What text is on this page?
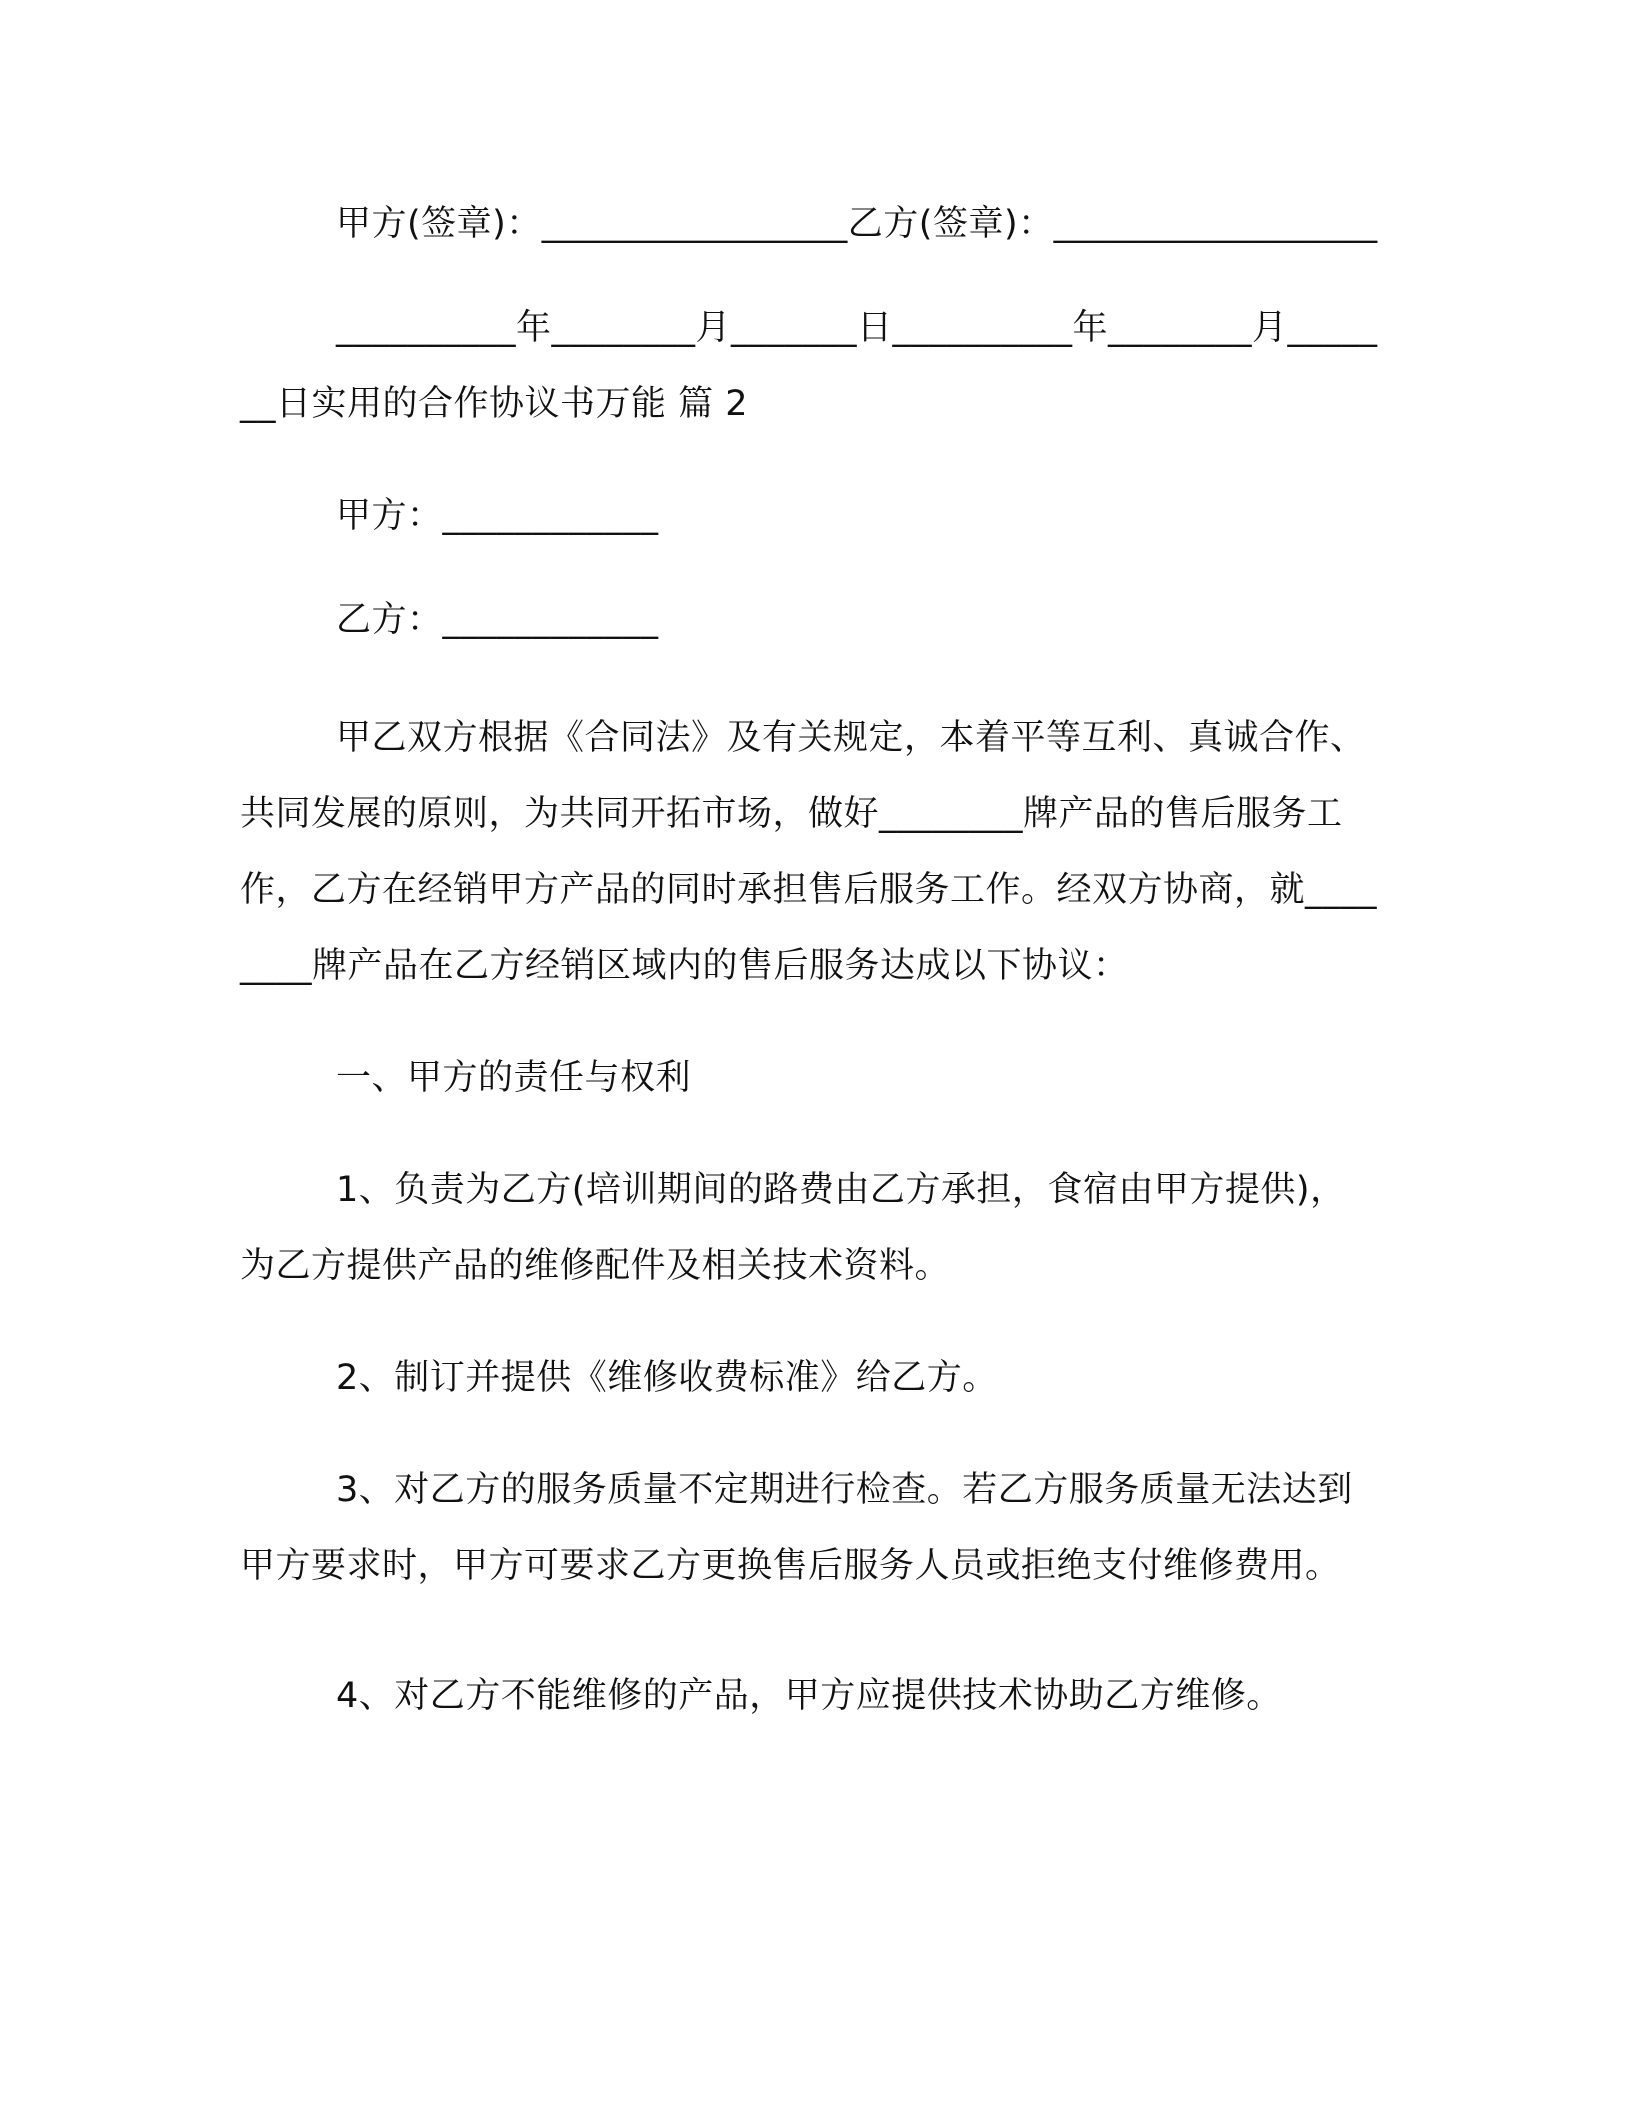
甲方(签章)：_________________乙方(签章)：__________________

__________年________月_______日__________年________月_______日实用的合作协议书万能 篇 2

甲方：____________

乙方：____________

甲乙双方根据《合同法》及有关规定，本着平等互利、真诚合作、共同发展的原则，为共同开拓市场，做好________牌产品的售后服务工作，乙方在经销甲方产品的同时承担售后服务工作。经双方协商，就________牌产品在乙方经销区域内的售后服务达成以下协议：

一、甲方的责任与权利

1、负责为乙方(培训期间的路费由乙方承担，食宿由甲方提供)，为乙方提供产品的维修配件及相关技术资料。

2、制订并提供《维修收费标准》给乙方。

3、对乙方的服务质量不定期进行检查。若乙方服务质量无法达到甲方要求时，甲方可要求乙方更换售后服务人员或拒绝支付维修费用。

4、对乙方不能维修的产品，甲方应提供技术协助乙方维修。
